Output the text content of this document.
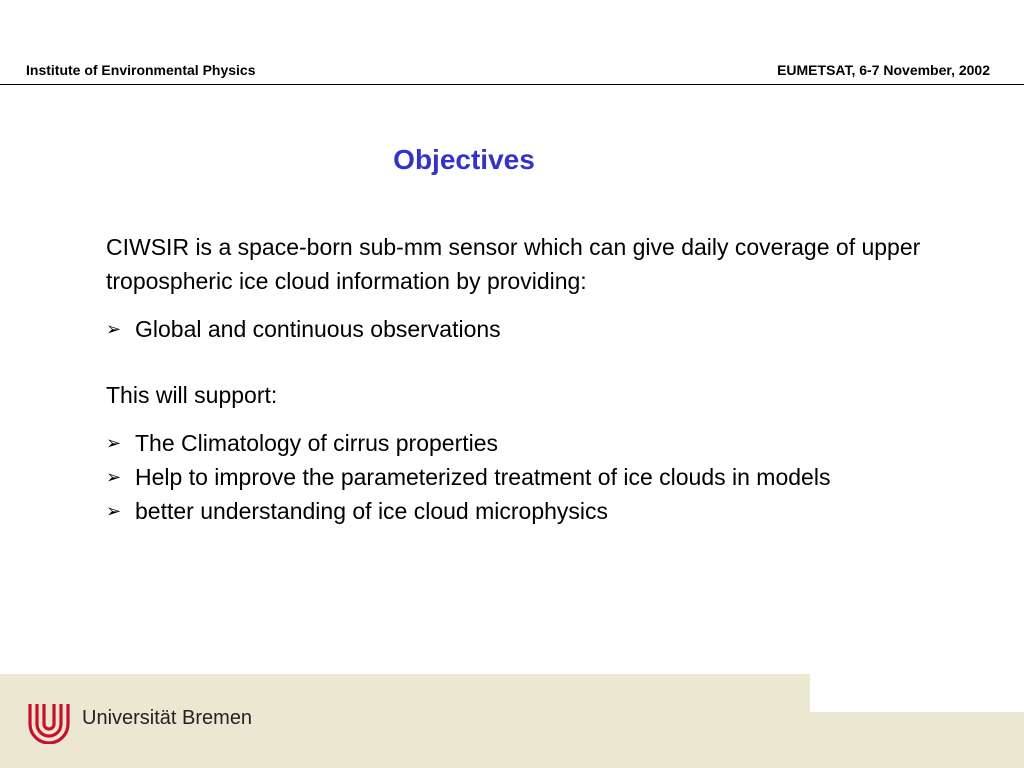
Institute of Environmental Physics	EUMETSAT, 6-7 November, 2002
Objectives

CIWSIR is a space-born sub-mm sensor which can give daily coverage of upper tropospheric ice cloud information by providing:

➢ Global and continuous observations

This will support:

➢ The Climatology of cirrus properties
➢ Help to improve the parameterized treatment of ice clouds in models
➢ better understanding of ice cloud microphysics
Universität Bremen
